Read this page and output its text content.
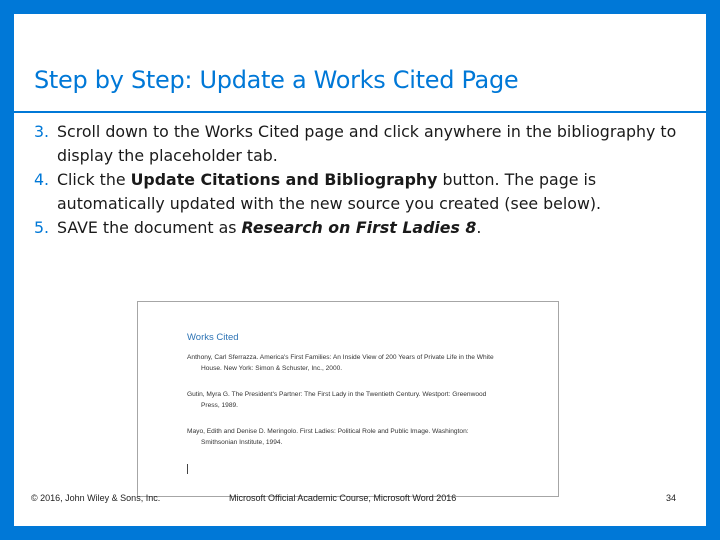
Step by Step: Update a Works Cited Page
3. Scroll down to the Works Cited page and click anywhere in the bibliography to display the placeholder tab.
4. Click the Update Citations and Bibliography button. The page is automatically updated with the new source you created (see below).
5. SAVE the document as Research on First Ladies 8.
Works Cited
Anthony, Carl Sferrazza. America's First Families: An Inside View of 200 Years of Private Life in the White
House. New York: Simon & Schuster, Inc., 2000.
Gutin, Myra G. The President's Partner: The First Lady in the Twentieth Century. Westport: Greenwood
Press, 1989.
Mayo, Edith and Denise D. Meringolo. First Ladies: Political Role and Public Image. Washington:
Smithsonian Institute, 1994.
© 2016, John Wiley & Sons, Inc.	Microsoft Official Academic Course, Microsoft Word 2016	34
